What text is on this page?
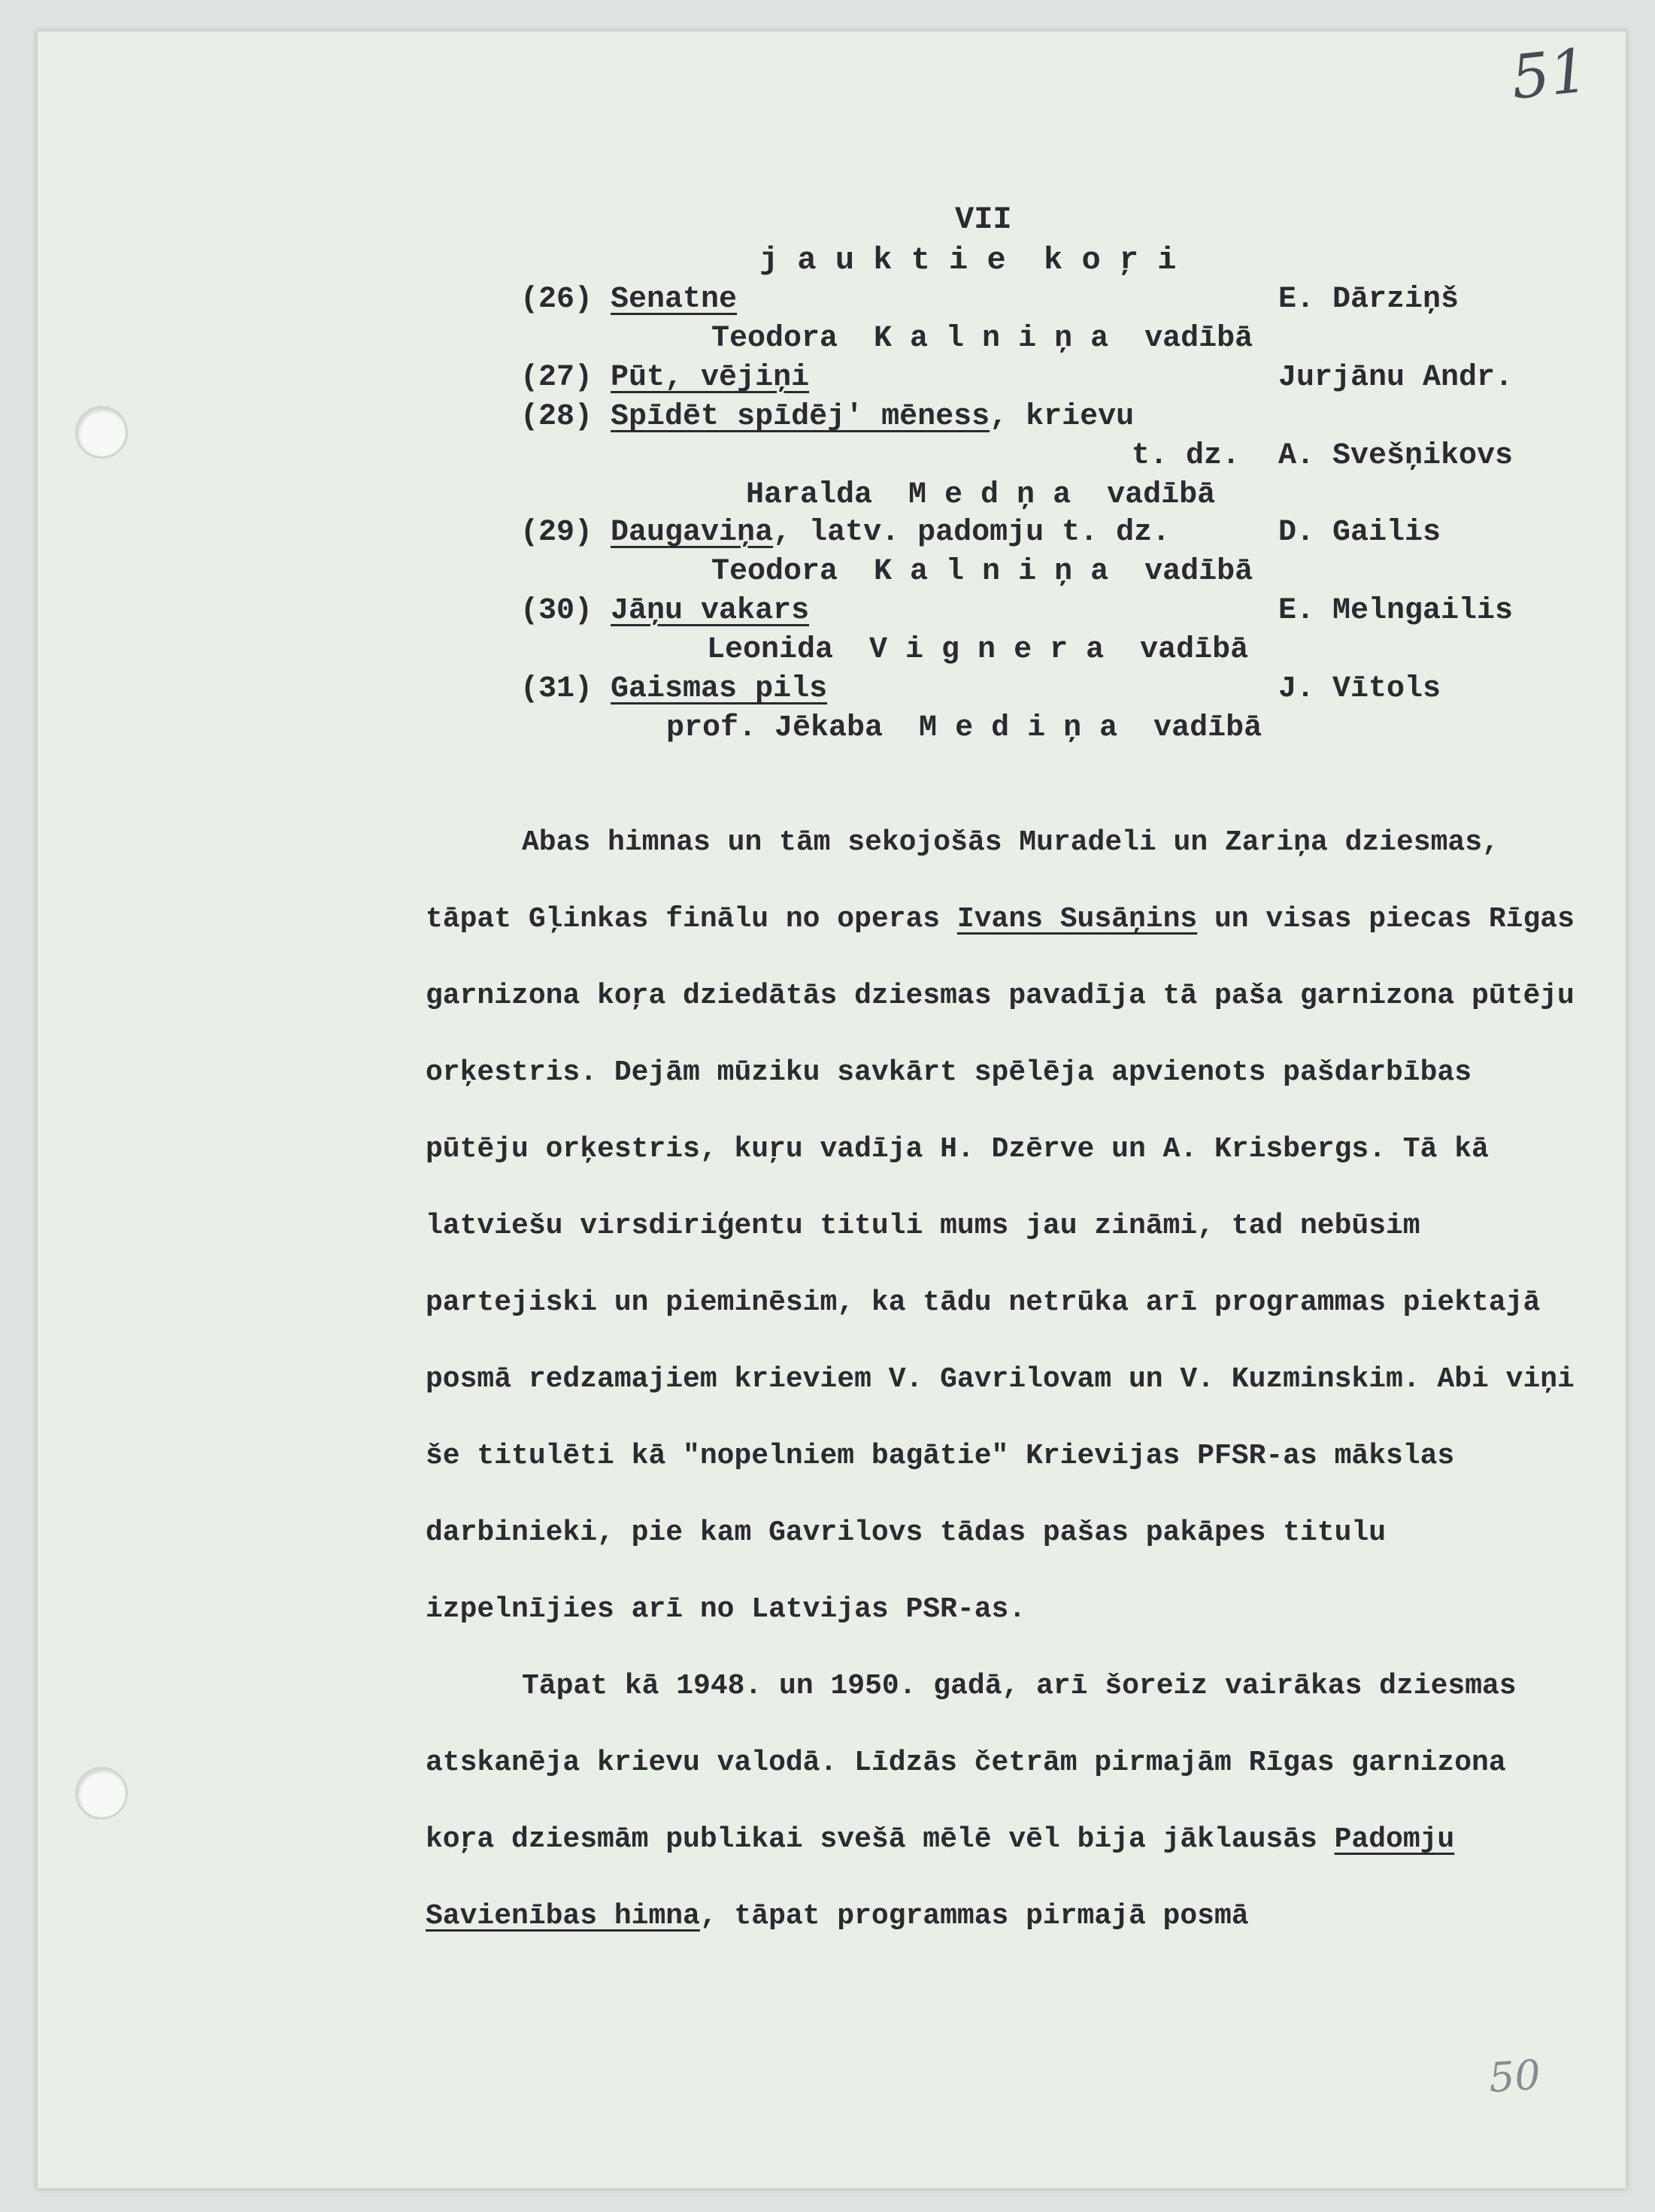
51
50
VII
j a u k t i e  k o ŗ i
(26) Senatne	E. Dārziņš
Teodora  K a l n i ņ a  vadībā
(27) Pūt, vējiņi	Jurjānu Andr.
(28) Spīdēt spīdēj' mēness, krievu
t. dz. A. Svešņikovs
Haralda  M e d ņ a  vadībā
(29) Daugaviņa, latv. padomju t. dz.	D. Gailis
Teodora  K a l n i ņ a  vadībā
(30) Jāņu vakars	E. Melngailis
Leonida  V i g n e r a  vadībā
(31) Gaismas pils	J. Vītols
prof. Jēkaba  M e d i ņ a  vadībā

Abas himnas un tām sekojošās Muradeli un Zariņa dziesmas, tāpat Gļinkas finālu no operas Ivans Susāņins un visas piecas Rīgas garnizona koŗa dziedātās dziesmas pavadīja tā paša garnizona pūtēju orķestris. Dejām mūziku savkārt spēlēja apvienots pašdarbības pūtēju orķestris, kuŗu vadīja H. Dzērve un A. Krisbergs. Tā kā latviešu virsdiriģentu tituli mums jau zināmi, tad nebūsim partejiski un pieminēsim, ka tādu netrūka arī programmas piektajā posmā redzamajiem krieviem V. Gavrilovam un V. Kuzminskim. Abi viņi še titulēti kā "nopelniem bagātie" Krievijas PFSR-as mākslas darbinieki, pie kam Gavrilovs tādas pašas pakāpes titulu izpelnījies arī no Latvijas PSR-as.

Tāpat kā 1948. un 1950. gadā, arī šoreiz vairākas dziesmas atskanēja krievu valodā. Līdzās četrām pirmajām Rīgas garnizona koŗa dziesmām publikai svešā mēlē vēl bija jāklausās Padomju Savienības himna, tāpat programmas pirmajā posmā
